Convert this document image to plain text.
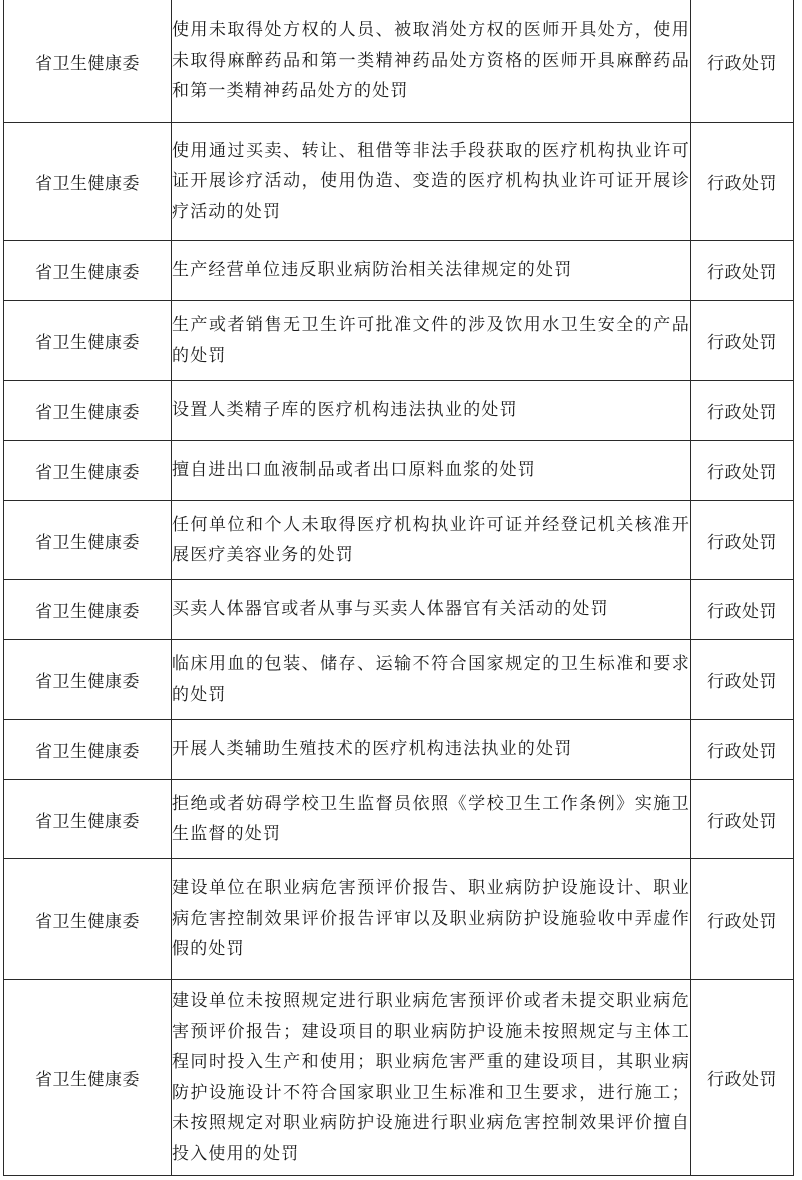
省卫生健康委	使用未取得处方权的人员、被取消处方权的医师开具处方，使用未取得麻醉药品和第一类精神药品处方资格的医师开具麻醉药品和第一类精神药品处方的处罚	行政处罚
省卫生健康委	使用通过买卖、转让、租借等非法手段获取的医疗机构执业许可证开展诊疗活动，使用伪造、变造的医疗机构执业许可证开展诊疗活动的处罚	行政处罚
省卫生健康委	生产经营单位违反职业病防治相关法律规定的处罚	行政处罚
省卫生健康委	生产或者销售无卫生许可批准文件的涉及饮用水卫生安全的产品的处罚	行政处罚
省卫生健康委	设置人类精子库的医疗机构违法执业的处罚	行政处罚
省卫生健康委	擅自进出口血液制品或者出口原料血浆的处罚	行政处罚
省卫生健康委	任何单位和个人未取得医疗机构执业许可证并经登记机关核准开展医疗美容业务的处罚	行政处罚
省卫生健康委	买卖人体器官或者从事与买卖人体器官有关活动的处罚	行政处罚
省卫生健康委	临床用血的包装、储存、运输不符合国家规定的卫生标准和要求的处罚	行政处罚
省卫生健康委	开展人类辅助生殖技术的医疗机构违法执业的处罚	行政处罚
省卫生健康委	拒绝或者妨碍学校卫生监督员依照《学校卫生工作条例》实施卫生监督的处罚	行政处罚
省卫生健康委	建设单位在职业病危害预评价报告、职业病防护设施设计、职业病危害控制效果评价报告评审以及职业病防护设施验收中弄虚作假的处罚	行政处罚
省卫生健康委	建设单位未按照规定进行职业病危害预评价或者未提交职业病危害预评价报告；建设项目的职业病防护设施未按照规定与主体工程同时投入生产和使用；职业病危害严重的建设项目，其职业病防护设施设计不符合国家职业卫生标准和卫生要求，进行施工；未按照规定对职业病防护设施进行职业病危害控制效果评价擅自投入使用的处罚	行政处罚
